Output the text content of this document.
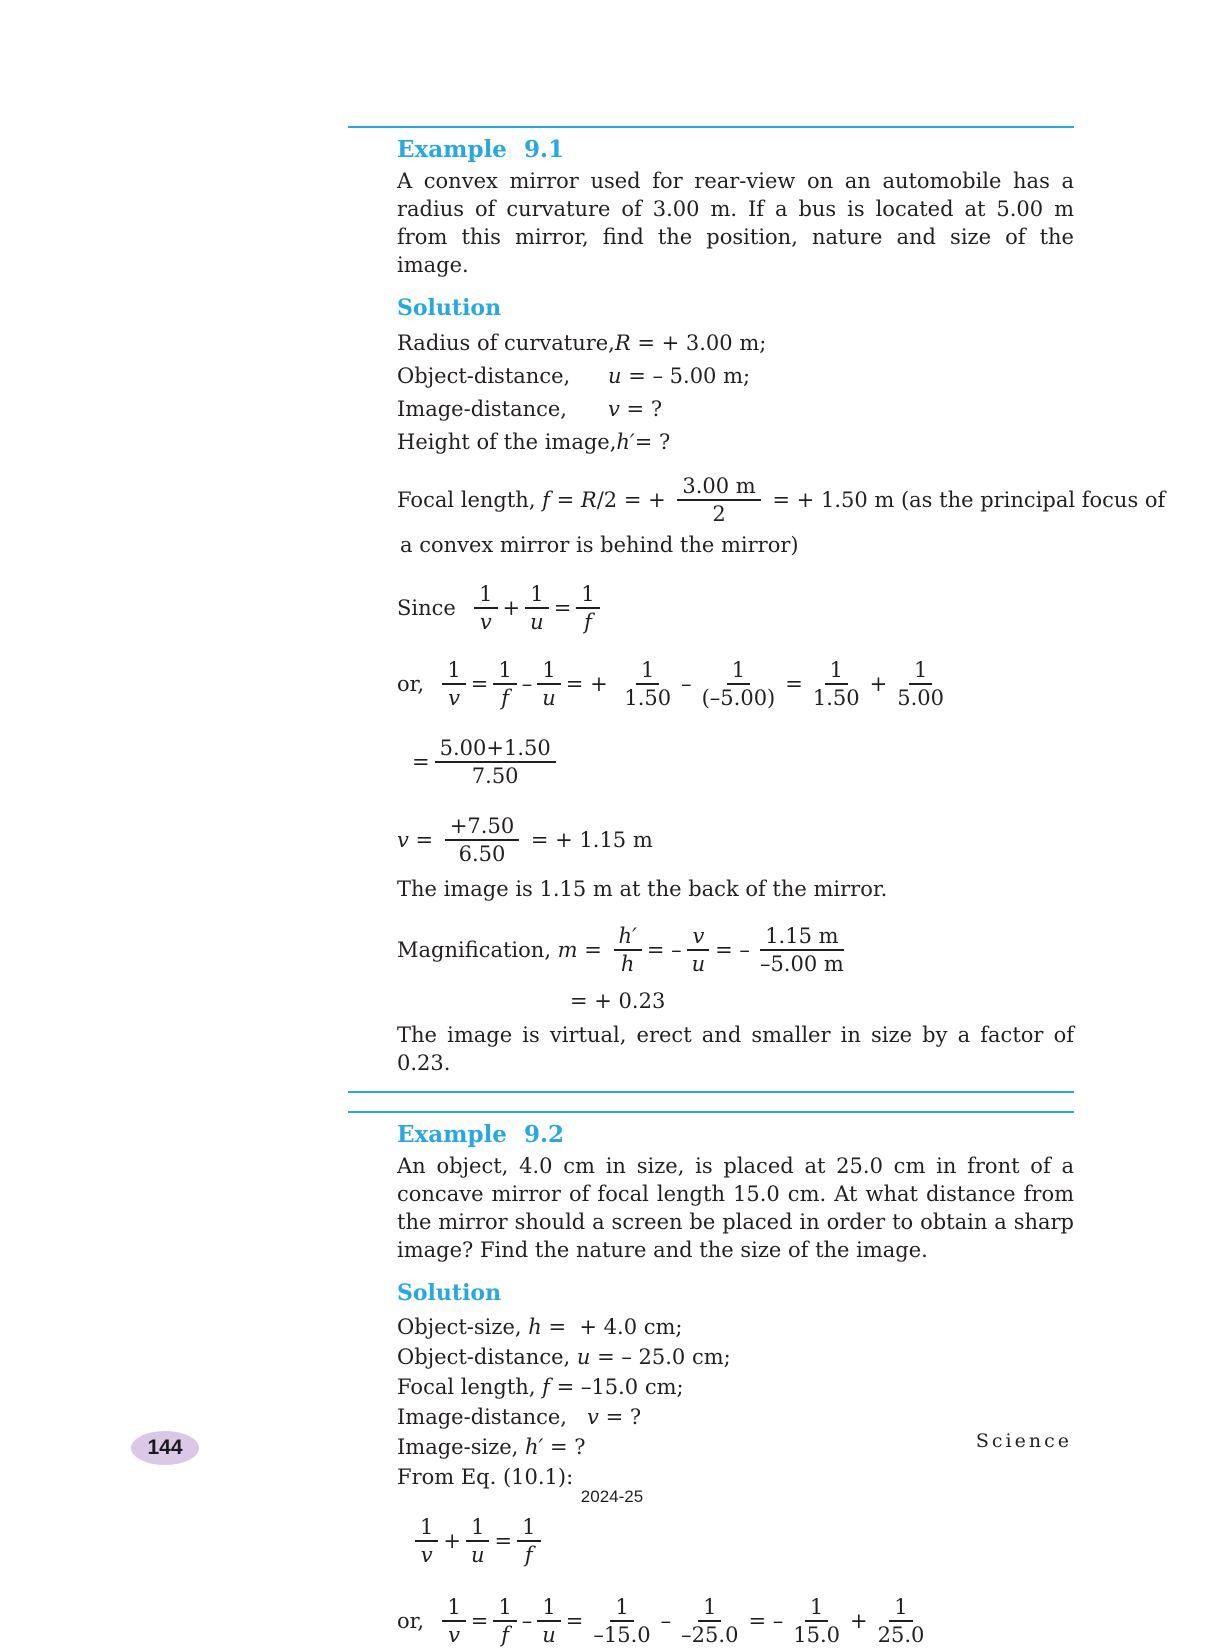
Example 9.1
A convex mirror used for rear-view on an automobile has a radius of curvature of 3.00 m. If a bus is located at 5.00 m from this mirror, find the position, nature and size of the image.
Solution
Radius of curvature, R = + 3.00 m;
Object-distance,	u = – 5.00 m;
Image-distance,	v = ?
Height of the image, h′= ?
Focal length, f = R /2 = + $\frac{3.00 m}{2}$ = + 1.50 m (as the principal focus of
a convex mirror is behind the mirror)
Since $\frac{1}{v} + \frac{1}{u} = \frac{1}{f}$
or, $\frac{1}{v} = \frac{1}{f} - \frac{1}{u}$ = + $\frac{1}{1.50} - \frac{1}{(-5.00)} = \frac{1}{1.50} + \frac{1}{5.00}$
= $\frac{5.00+1.50}{7.50}$
$v = \frac{+7.50}{6.50}$ = + 1.15 m
The image is 1.15 m at the back of the mirror.
Magnification, $m = \frac{h'}{h}$ = – $\frac{v}{u}$ = – $\frac{1.15 m}{-5.00 m}$
= + 0.23
The image is virtual, erect and smaller in size by a factor of 0.23.
Example 9.2
An object, 4.0 cm in size, is placed at 25.0 cm in front of a concave mirror of focal length 15.0 cm. At what distance from the mirror should a screen be placed in order to obtain a sharp image? Find the nature and the size of the image.
Solution
Object-size, h =  + 4.0 cm;
Object-distance, u = – 25.0 cm;
Focal length, f = –15.0 cm;
Image-distance,   v = ?
Image-size, h′ = ?
From Eq. (10.1):
$\frac{1}{v} + \frac{1}{u} = \frac{1}{f}$
or, $\frac{1}{v} = \frac{1}{f} - \frac{1}{u} = \frac{1}{-15.0} - \frac{1}{-25.0}$ = – $\frac{1}{15.0} + \frac{1}{25.0}$
144	Science
2024-25
